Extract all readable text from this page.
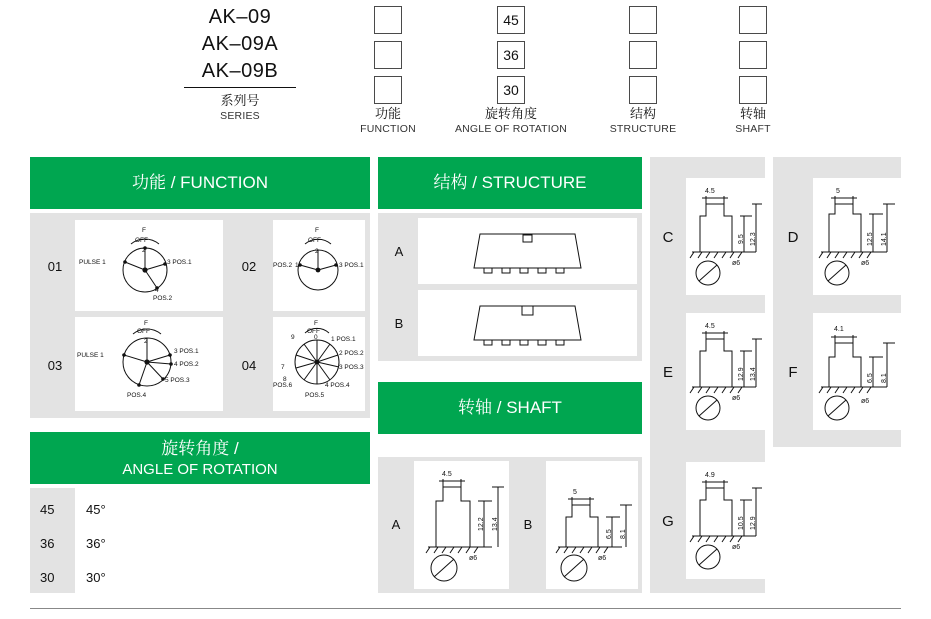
AK–09
AK–09A
AK–09B
系列号
SERIES	功能
FUNCTION
45
36
30
旋转角度
ANGLE OF ROTATION
结构
STRUCTURE
转轴
SHAFT
功能 / FUNCTION
01
F
OFF
2
PULSE 1	3 POS.1
4
POS.2
02
F
OFF
2
POS.2 1	3 POS.1
03
F
OFF
2
PULSE 1
3 POS.1
4 POS.2
5 POS.3
POS.4
04
F
OFF
0
9	1 POS.1
2 POS.2
3 POS.3
4 POS.4
POS.5
POS.6
8
7
旋转角度 /
ANGLE OF ROTATION
45 45°
36 36°
30 30°
结构 / STRUCTURE
A
B
转轴 / SHAFT
A
4.5
12.2 13.4
ø6
B
5
6.5 8.1
ø6
C
4.5
9.5 12.3
ø6
D
5
12.5 14.1
ø6
E
4.5
12.9 13.4
ø6
F
4.1
6.5 8.1
ø6
G
4.9
10.5 12.9
ø6
